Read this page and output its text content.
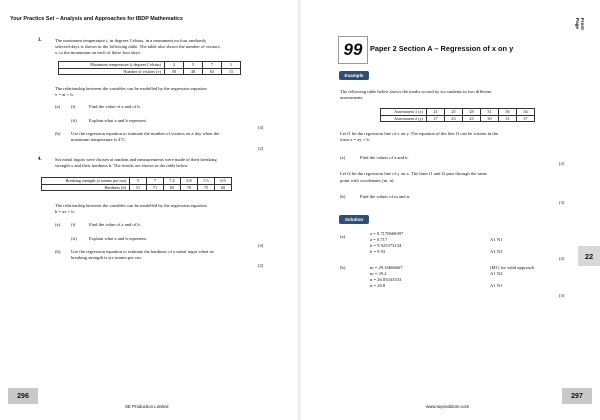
Your Practice Set – Analysis and Approaches for IBDP Mathematics
3.	The maximum temperature t, in degrees Celsius, in a monument on four randomly
selected days is shown in the following table. The table also shows the number of visitors,
v, to the monument on each of these four days.
Maximum temperature (t degrees Celsius)	2	5	7	1
Number of visitors (v)	50	48	63	15
The relationship between the variables can be modelled by the regression equation
v = at + b.
(a) (i)	Find the value of a and of b.
(ii)	Explain what a and b represent.
[4]
(b) Use the regression equation to estimate the number of visitors on a day when the
maximum temperature is 4°C.
[2]
4.	Six metal ingots were chosen at random and measurements were made of their breaking
strength x and their hardness h. The results are shown in the table below.
Breaking strength (x tonnes per cm)	5	7	7.4	6.8	5.5	6.9
Hardness (h)	51	71	83	70	75	60
The relationship between the variables can be modelled by the regression equation
h = ax + b.
(a) (i)	Find the value of a and of b.
(ii)	Explain what a and b represent.
[4]
(b) Use the regression equation to estimate the hardness of a metal ingot when its
breaking strength is six tonnes per cm.
[2]
296
SE Production Limited
Front Page
99	Paper 2 Section A – Regression of x on y
Example
The following table below shows the marks scored by six students in two different
assessments.
Assessment 1 (x)	21	25	28	31	36	34
Assessment 2 (y)	17	23	23	30	31	37
Let l1 be the regression line of x on y. The equation of the line l1 can be written in the
form x = ay + b.
(a)	Find the values of a and b.
[2]
Let l2 be the regression line of y on x. The lines l1 and l2 pass through the same
point with coordinates (m, n).
(b)	Find the values of m and n.
[3]
Solution
(a)
a = 0.7170668397
a = 0.717	A1 N1
b = 9.925373134
b = 9.93	A1 N1
[2]
(b)	m = 29.16666667	(M1) for valid approach
m = 29.2	A1 N2
n = 26.83333333
n = 26.8	A1 N1
[3]
22
297
www.seprodstore.com
